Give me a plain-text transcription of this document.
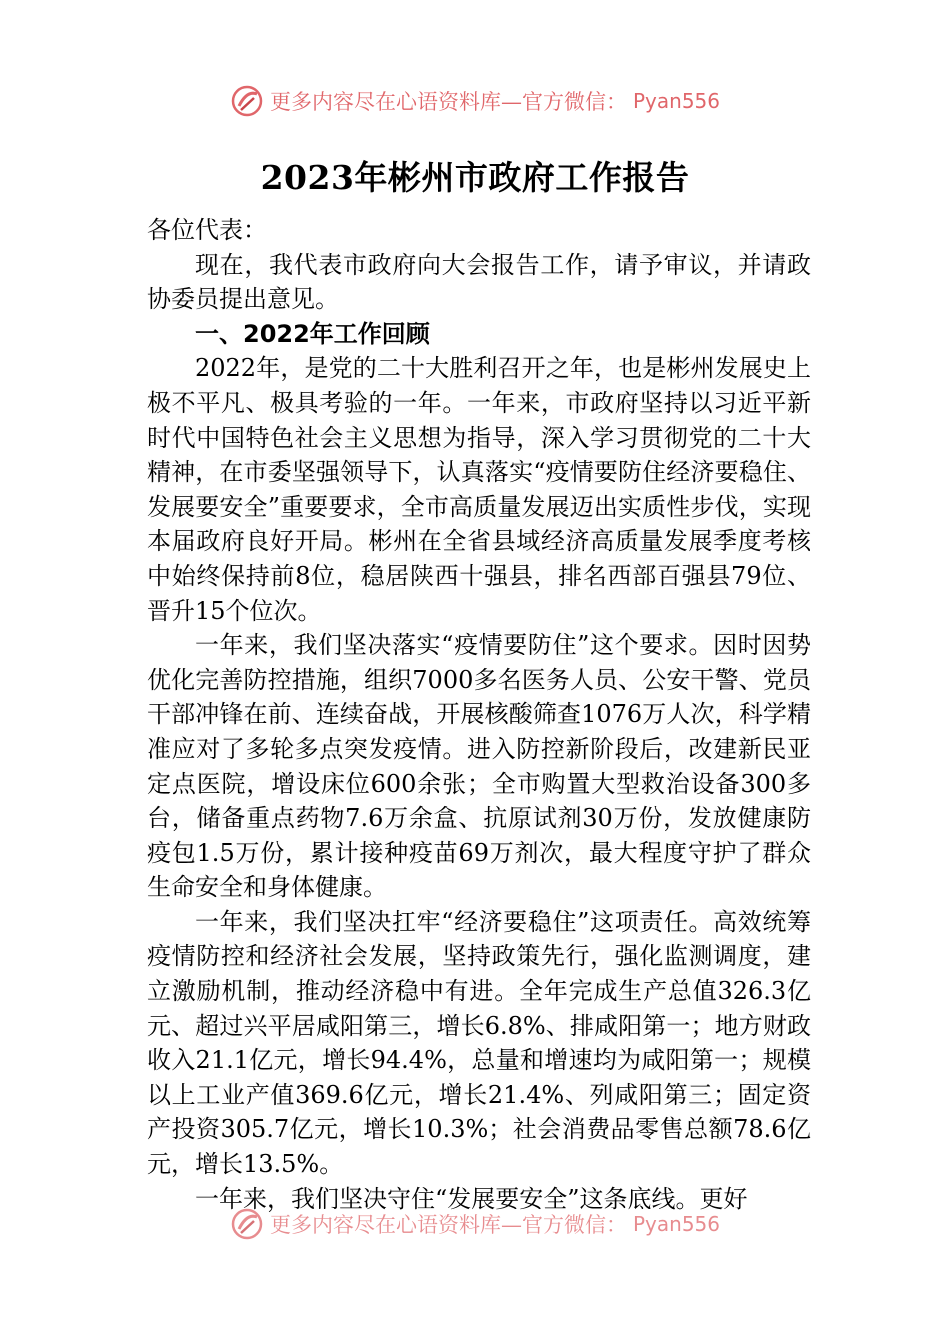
更多内容尽在心语资料库—官方微信： Pyan556
2023年彬州市政府工作报告

各位代表：

现在，我代表市政府向大会报告工作，请予审议，并请政协委员提出意见。

一、2022年工作回顾

2022年，是党的二十大胜利召开之年，也是彬州发展史上极不平凡、极具考验的一年。一年来，市政府坚持以习近平新时代中国特色社会主义思想为指导，深入学习贯彻党的二十大精神，在市委坚强领导下，认真落实“疫情要防住经济要稳住、发展要安全”重要要求，全市高质量发展迈出实质性步伐，实现本届政府良好开局。彬州在全省县域经济高质量发展季度考核中始终保持前8位，稳居陕西十强县，排名西部百强县79位、晋升15个位次。

一年来，我们坚决落实“疫情要防住”这个要求。因时因势优化完善防控措施，组织7000多名医务人员、公安干警、党员干部冲锋在前、连续奋战，开展核酸筛查1076万人次，科学精准应对了多轮多点突发疫情。进入防控新阶段后，改建新民亚定点医院，增设床位600余张；全市购置大型救治设备300多台，储备重点药物7.6万余盒、抗原试剂30万份，发放健康防疫包1.5万份，累计接种疫苗69万剂次，最大程度守护了群众生命安全和身体健康。

一年来，我们坚决扛牢“经济要稳住”这项责任。高效统筹疫情防控和经济社会发展，坚持政策先行，强化监测调度，建立激励机制，推动经济稳中有进。全年完成生产总值326.3亿元、超过兴平居咸阳第三，增长6.8%、排咸阳第一；地方财政收入21.1亿元，增长94.4%，总量和增速均为咸阳第一；规模以上工业产值369.6亿元，增长21.4%、列咸阳第三；固定资产投资305.7亿元，增长10.3%；社会消费品零售总额78.6亿元，增长13.5%。

一年来，我们坚决守住“发展要安全”这条底线。更好

更多内容尽在心语资料库—官方微信： Pyan556
